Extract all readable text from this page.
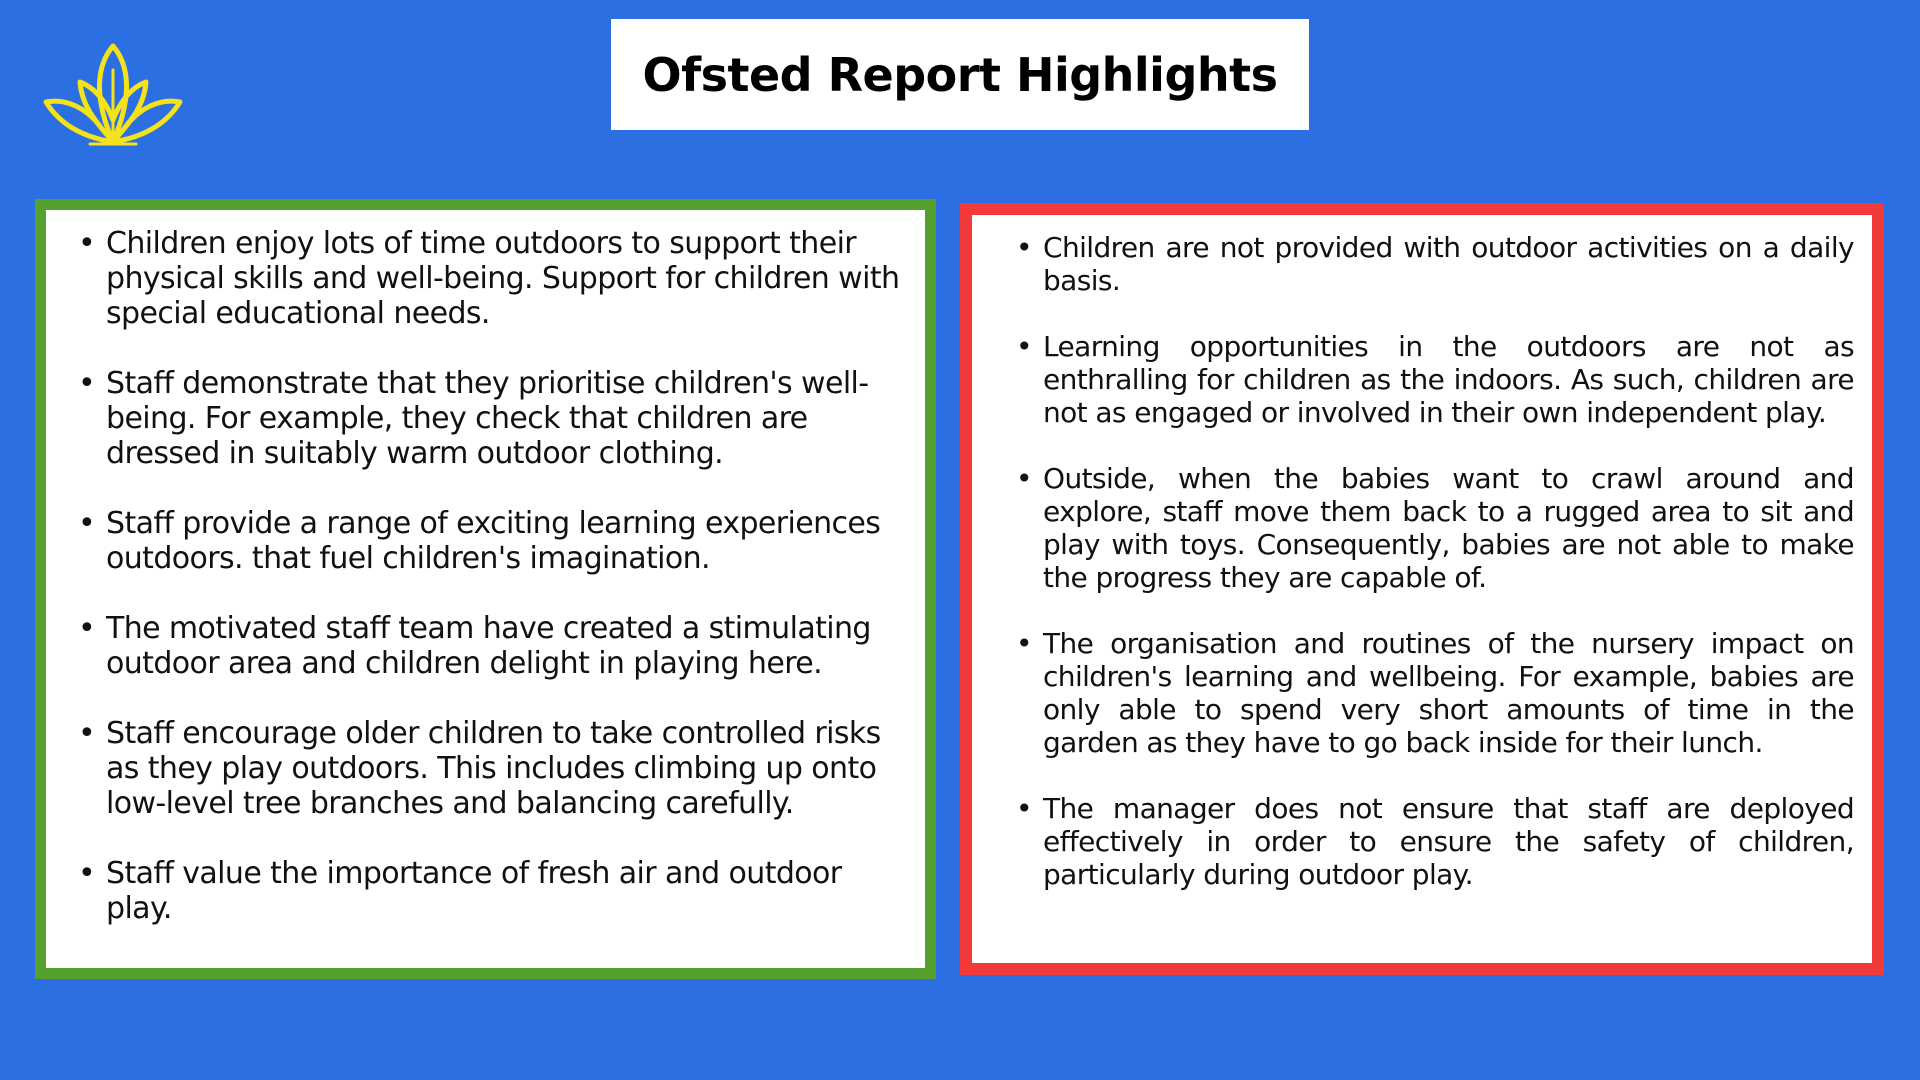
Ofsted Report Highlights
• Children enjoy lots of time outdoors to support their physical skills and well-being. Support for children with special educational needs.
• Staff demonstrate that they prioritise children's well-being. For example, they check that children are dressed in suitably warm outdoor clothing.
• Staff provide a range of exciting learning experiences outdoors. that fuel children's imagination.
• The motivated staff team have created a stimulating outdoor area and children delight in playing here.
• Staff encourage older children to take controlled risks as they play outdoors. This includes climbing up onto low-level tree branches and balancing carefully.
• Staff value the importance of fresh air and outdoor play.
• Children are not provided with outdoor activities on a daily basis.
• Learning opportunities in the outdoors are not as enthralling for children as the indoors. As such, children are not as engaged or involved in their own independent play.
• Outside, when the babies want to crawl around and explore, staff move them back to a rugged area to sit and play with toys. Consequently, babies are not able to make the progress they are capable of.
• The organisation and routines of the nursery impact on children's learning and wellbeing. For example, babies are only able to spend very short amounts of time in the garden as they have to go back inside for their lunch.
• The manager does not ensure that staff are deployed effectively in order to ensure the safety of children, particularly during outdoor play.
